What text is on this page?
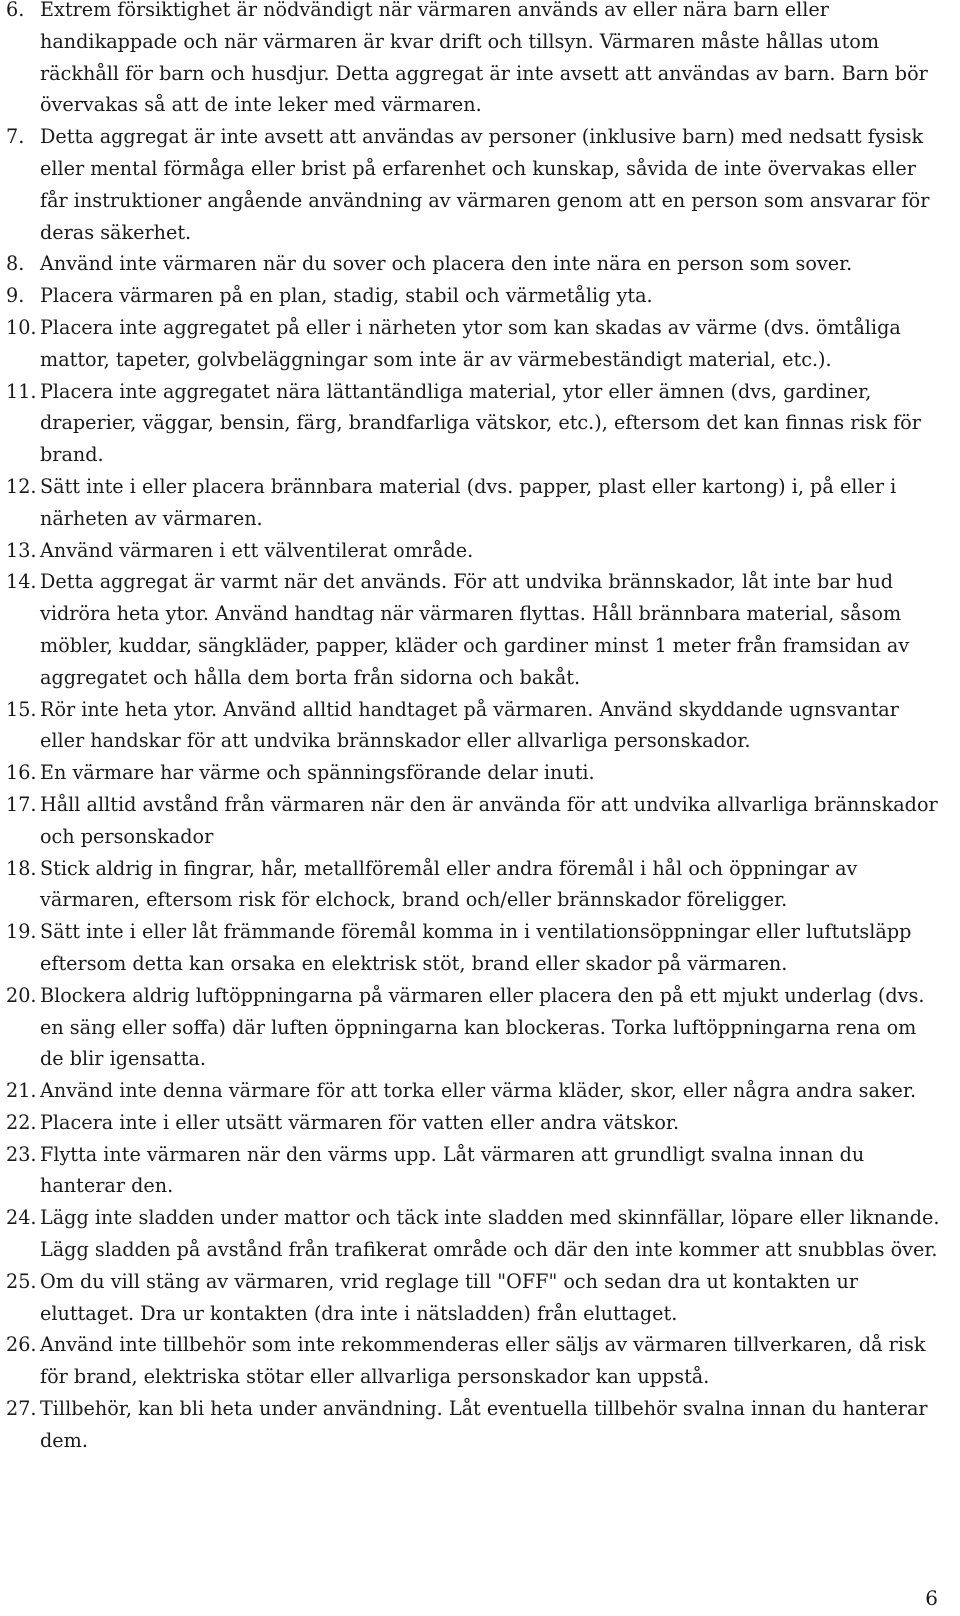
6. Extrem försiktighet är nödvändigt när värmaren används av eller nära barn eller handikappade och när värmaren är kvar drift och tillsyn. Värmaren måste hållas utom räckhåll för barn och husdjur. Detta aggregat är inte avsett att användas av barn. Barn bör övervakas så att de inte leker med värmaren.
7. Detta aggregat är inte avsett att användas av personer (inklusive barn) med nedsatt fysisk eller mental förmåga eller brist på erfarenhet och kunskap, såvida de inte övervakas eller får instruktioner angående användning av värmaren genom att en person som ansvarar för deras säkerhet.
8. Använd inte värmaren när du sover och placera den inte nära en person som sover.
9. Placera värmaren på en plan, stadig, stabil och värmetålig yta.
10. Placera inte aggregatet på eller i närheten ytor som kan skadas av värme (dvs. ömtåliga mattor, tapeter, golvbeläggningar som inte är av värmebeständigt material, etc.).
11. Placera inte aggregatet nära lättantändliga material, ytor eller ämnen (dvs, gardiner, draperier, väggar, bensin, färg, brandfarliga vätskor, etc.), eftersom det kan finnas risk för brand.
12. Sätt inte i eller placera brännbara material (dvs. papper, plast eller kartong) i, på eller i närheten av värmaren.
13. Använd värmaren i ett välventilerat område.
14. Detta aggregat är varmt när det används. För att undvika brännskador, låt inte bar hud vidröra heta ytor. Använd handtag när värmaren flyttas. Håll brännbara material, såsom möbler, kuddar, sängkläder, papper, kläder och gardiner minst 1 meter från framsidan av aggregatet och hålla dem borta från sidorna och bakåt.
15. Rör inte heta ytor. Använd alltid handtaget på värmaren. Använd skyddande ugnsvantar eller handskar för att undvika brännskador eller allvarliga personskador.
16. En värmare har värme och spänningsförande delar inuti.
17. Håll alltid avstånd från värmaren när den är använda för att undvika allvarliga brännskador och personskador
18. Stick aldrig in fingrar, hår, metallföremål eller andra föremål i hål och öppningar av värmaren, eftersom risk för elchock, brand och/eller brännskador föreligger.
19. Sätt inte i eller låt främmande föremål komma in i ventilationsöppningar eller luftutsläpp eftersom detta kan orsaka en elektrisk stöt, brand eller skador på värmaren.
20. Blockera aldrig luftöppningarna på värmaren eller placera den på ett mjukt underlag (dvs. en säng eller soffa) där luften öppningarna kan blockeras. Torka luftöppningarna rena om de blir igensatta.
21. Använd inte denna värmare för att torka eller värma kläder, skor, eller några andra saker.
22. Placera inte i eller utsätt värmaren för vatten eller andra vätskor.
23. Flytta inte värmaren när den värms upp. Låt värmaren att grundligt svalna innan du hanterar den.
24. Lägg inte sladden under mattor och täck inte sladden med skinnfällar, löpare eller liknande. Lägg sladden på avstånd från trafikerat område och där den inte kommer att snubblas över.
25. Om du vill stäng av värmaren, vrid reglage till "OFF" och sedan dra ut kontakten ur eluttaget. Dra ur kontakten (dra inte i nätsladden) från eluttaget.
26. Använd inte tillbehör som inte rekommenderas eller säljs av värmaren tillverkaren, då risk för brand, elektriska stötar eller allvarliga personskador kan uppstå.
27. Tillbehör, kan bli heta under användning. Låt eventuella tillbehör svalna innan du hanterar dem.
6
